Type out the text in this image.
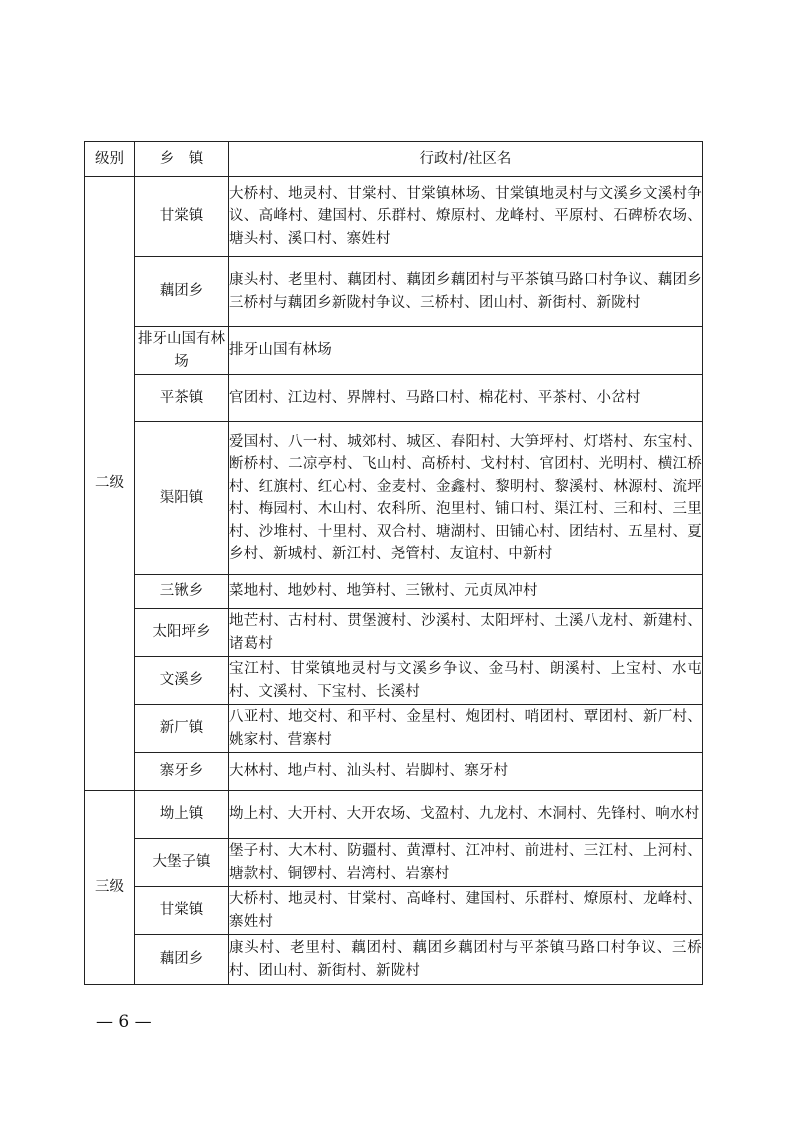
级别	乡　镇	行政村/社区名
二级	甘棠镇	大桥村、地灵村、甘棠村、甘棠镇林场、甘棠镇地灵村与文溪乡文溪村争议、高峰村、建国村、乐群村、燎原村、龙峰村、平原村、石碑桥农场、塘头村、溪口村、寨姓村
	藕团乡	康头村、老里村、藕团村、藕团乡藕团村与平茶镇马路口村争议、藕团乡三桥村与藕团乡新陇村争议、三桥村、团山村、新街村、新陇村
	排牙山国有林场	排牙山国有林场
	平茶镇	官团村、江边村、界牌村、马路口村、棉花村、平茶村、小岔村
	渠阳镇	爱国村、八一村、城郊村、城区、春阳村、大笋坪村、灯塔村、东宝村、断桥村、二凉亭村、飞山村、高桥村、戈村村、官团村、光明村、横江桥村、红旗村、红心村、金麦村、金鑫村、黎明村、黎溪村、林源村、流坪村、梅园村、木山村、农科所、泡里村、铺口村、渠江村、三和村、三里村、沙堆村、十里村、双合村、塘湖村、田铺心村、团结村、五星村、夏乡村、新城村、新江村、尧管村、友谊村、中新村
	三锹乡	菜地村、地妙村、地笋村、三锹村、元贞凤冲村
	太阳坪乡	地芒村、古村村、贯堡渡村、沙溪村、太阳坪村、土溪八龙村、新建村、诸葛村
	文溪乡	宝江村、甘棠镇地灵村与文溪乡争议、金马村、朗溪村、上宝村、水屯村、文溪村、下宝村、长溪村
	新厂镇	八亚村、地交村、和平村、金星村、炮团村、哨团村、覃团村、新厂村、姚家村、营寨村
	寨牙乡	大林村、地卢村、汕头村、岩脚村、寨牙村
三级	坳上镇	坳上村、大开村、大开农场、戈盈村、九龙村、木洞村、先锋村、响水村
	大堡子镇	堡子村、大木村、防疆村、黄潭村、江冲村、前进村、三江村、上河村、塘款村、铜锣村、岩湾村、岩寨村
	甘棠镇	大桥村、地灵村、甘棠村、高峰村、建国村、乐群村、燎原村、龙峰村、寨姓村
	藕团乡	康头村、老里村、藕团村、藕团乡藕团村与平茶镇马路口村争议、三桥村、团山村、新街村、新陇村
— 6 —
